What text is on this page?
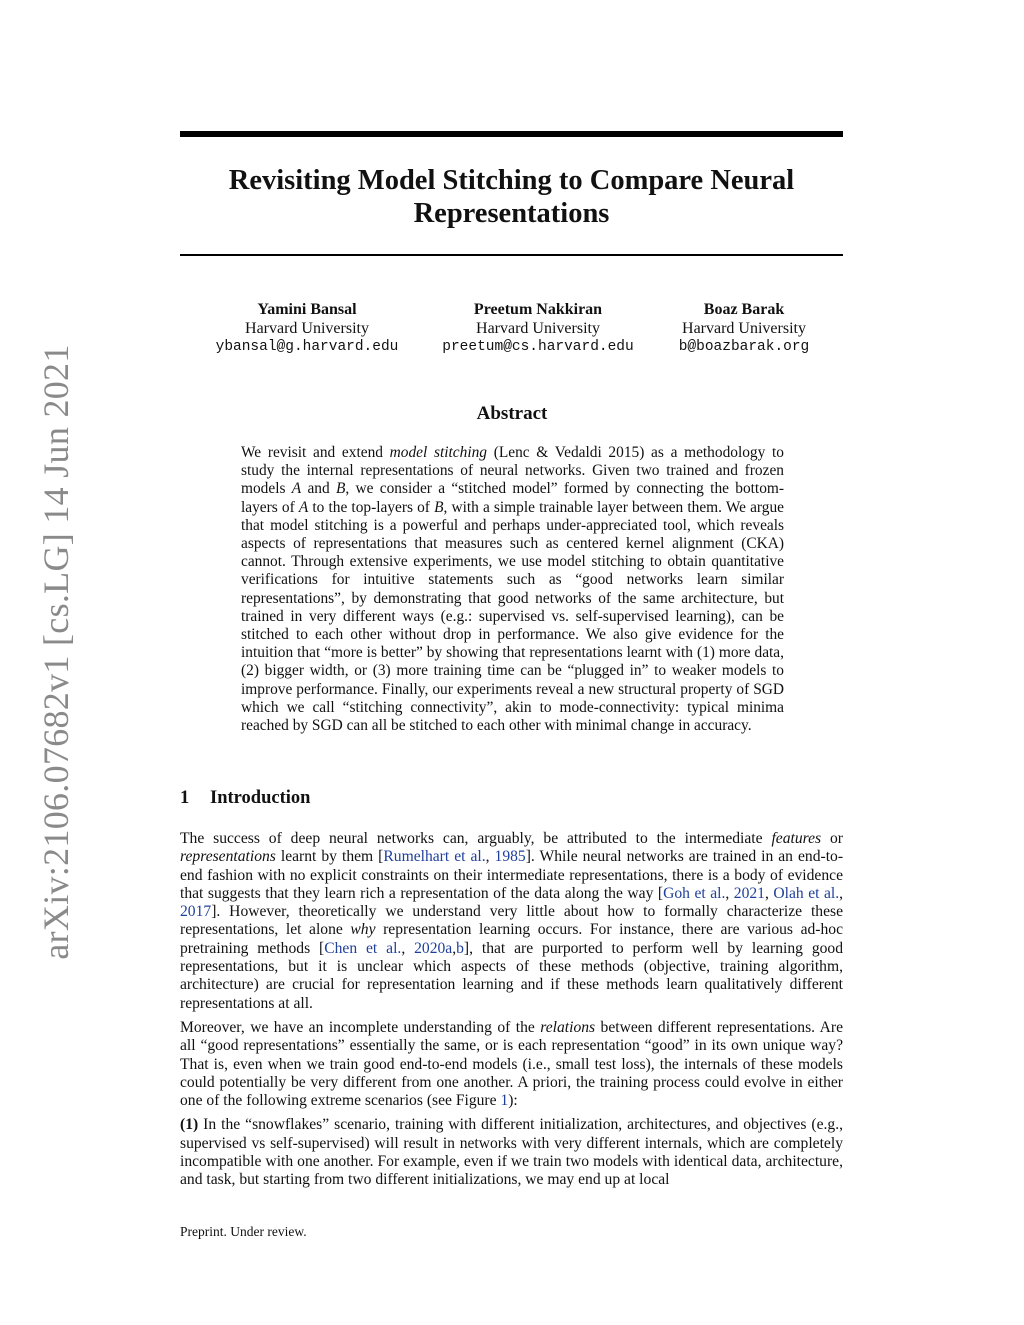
arXiv:2106.07682v1 [cs.LG] 14 Jun 2021
Revisiting Model Stitching to Compare Neural Representations
Yamini Bansal
Harvard University
ybansal@g.harvard.edu
Preetum Nakkiran
Harvard University
preetum@cs.harvard.edu
Boaz Barak
Harvard University
b@boazbarak.org
Abstract

We revisit and extend model stitching (Lenc & Vedaldi 2015) as a methodology to study the internal representations of neural networks. Given two trained and frozen models A and B, we consider a “stitched model” formed by connecting the bottom-layers of A to the top-layers of B, with a simple trainable layer between them. We argue that model stitching is a powerful and perhaps under-appreciated tool, which reveals aspects of representations that measures such as centered kernel alignment (CKA) cannot. Through extensive experiments, we use model stitching to obtain quantitative verifications for intuitive statements such as “good networks learn similar representations”, by demonstrating that good networks of the same architecture, but trained in very different ways (e.g.: supervised vs. self-supervised learning), can be stitched to each other without drop in performance. We also give evidence for the intuition that “more is better” by showing that representations learnt with (1) more data, (2) bigger width, or (3) more training time can be “plugged in” to weaker models to improve performance. Finally, our experiments reveal a new structural property of SGD which we call “stitching connectivity”, akin to mode-connectivity: typical minima reached by SGD can all be stitched to each other with minimal change in accuracy.

1 Introduction

The success of deep neural networks can, arguably, be attributed to the intermediate features or representations learnt by them [Rumelhart et al., 1985]. While neural networks are trained in an end-to-end fashion with no explicit constraints on their intermediate representations, there is a body of evidence that suggests that they learn rich a representation of the data along the way [Goh et al., 2021, Olah et al., 2017]. However, theoretically we understand very little about how to formally characterize these representations, let alone why representation learning occurs. For instance, there are various ad-hoc pretraining methods [Chen et al., 2020a,b], that are purported to perform well by learning good representations, but it is unclear which aspects of these methods (objective, training algorithm, architecture) are crucial for representation learning and if these methods learn qualitatively different representations at all.

Moreover, we have an incomplete understanding of the relations between different representations. Are all “good representations” essentially the same, or is each representation “good” in its own unique way? That is, even when we train good end-to-end models (i.e., small test loss), the internals of these models could potentially be very different from one another. A priori, the training process could evolve in either one of the following extreme scenarios (see Figure 1):

(1) In the “snowflakes” scenario, training with different initialization, architectures, and objectives (e.g., supervised vs self-supervised) will result in networks with very different internals, which are completely incompatible with one another. For example, even if we train two models with identical data, architecture, and task, but starting from two different initializations, we may end up at local

Preprint. Under review.
